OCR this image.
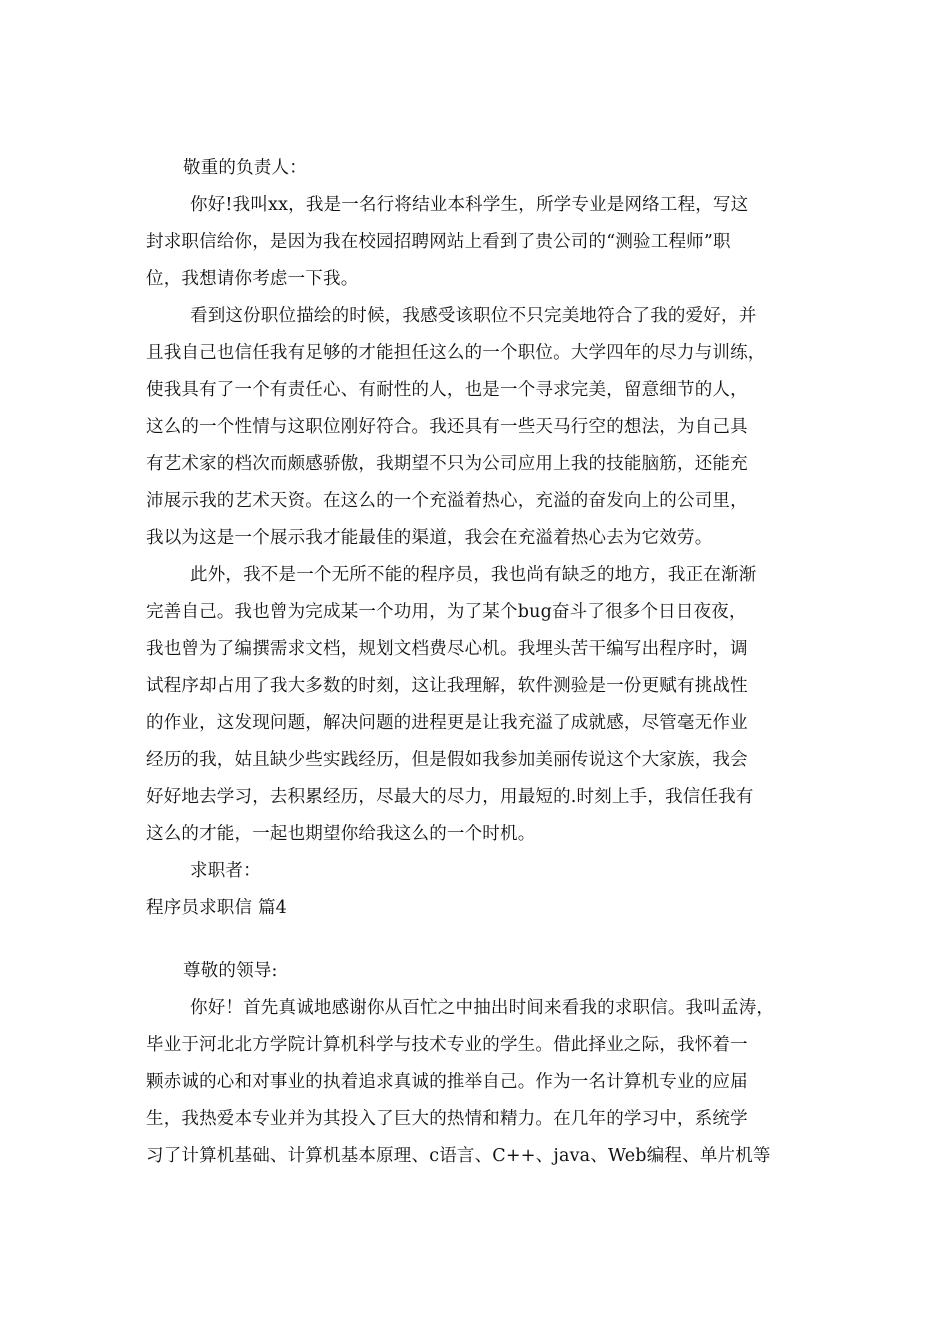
敬重的负责人：
你好!我叫xx，我是一名行将结业本科学生，所学专业是网络工程，写这
封求职信给你，是因为我在校园招聘网站上看到了贵公司的“测验工程师”职
位，我想请你考虑一下我。
看到这份职位描绘的时候，我感受该职位不只完美地符合了我的爱好，并
且我自己也信任我有足够的才能担任这么的一个职位。大学四年的尽力与训练，
使我具有了一个有责任心、有耐性的人，也是一个寻求完美，留意细节的人，
这么的一个性情与这职位刚好符合。我还具有一些天马行空的想法，为自己具
有艺术家的档次而颇感骄傲，我期望不只为公司应用上我的技能脑筋，还能充
沛展示我的艺术天资。在这么的一个充溢着热心，充溢的奋发向上的公司里，
我以为这是一个展示我才能最佳的渠道，我会在充溢着热心去为它效劳。
此外，我不是一个无所不能的程序员，我也尚有缺乏的地方，我正在渐渐
完善自己。我也曾为完成某一个功用，为了某个bug奋斗了很多个日日夜夜，
我也曾为了编撰需求文档，规划文档费尽心机。我埋头苦干编写出程序时，调
试程序却占用了我大多数的时刻，这让我理解，软件测验是一份更赋有挑战性
的作业，这发现问题，解决问题的进程更是让我充溢了成就感，尽管毫无作业
经历的我，姑且缺少些实践经历，但是假如我参加美丽传说这个大家族，我会
好好地去学习，去积累经历，尽最大的尽力，用最短的.时刻上手，我信任我有
这么的才能，一起也期望你给我这么的一个时机。
求职者：
程序员求职信 篇4
尊敬的领导:
你好！首先真诚地感谢你从百忙之中抽出时间来看我的求职信。我叫孟涛，
毕业于河北北方学院计算机科学与技术专业的学生。借此择业之际，我怀着一
颗赤诚的心和对事业的执着追求真诚的推举自己。作为一名计算机专业的应届
生，我热爱本专业并为其投入了巨大的热情和精力。在几年的学习中，系统学
习了计算机基础、计算机基本原理、c语言、C++、java、Web编程、单片机等
